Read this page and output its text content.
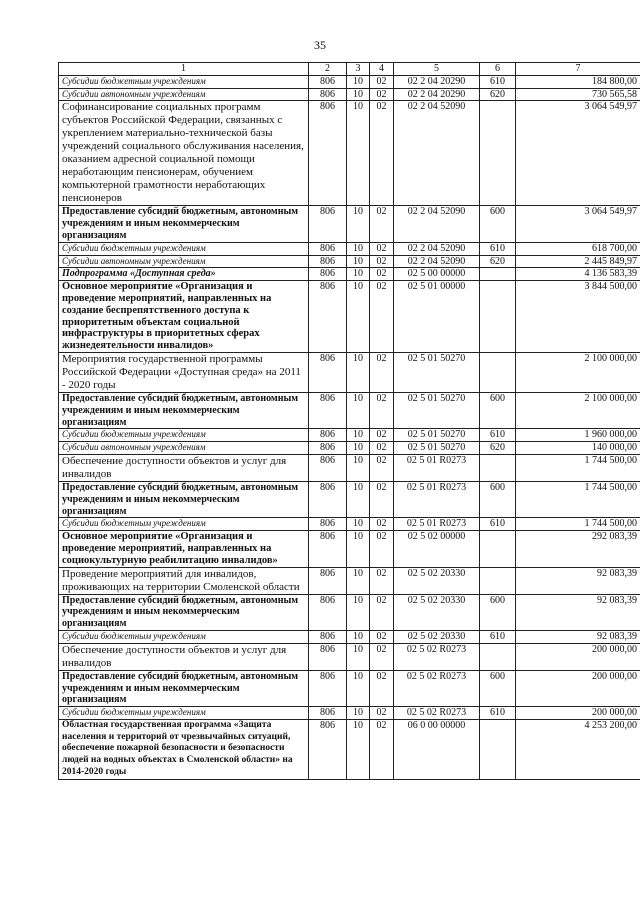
35
1	2	3	4	5	6	7
Субсидии бюджетным учреждениям	806	10	02	02 2 04 20290	610	184 800,00
Субсидии автономным учреждениям	806	10	02	02 2 04 20290	620	730 565,58
Софинансирование социальных программ субъектов Российской Федерации, связанных с укреплением материально-технической базы учреждений социального обслуживания населения, оказанием адресной социальной помощи неработающим пенсионерам, обучением компьютерной грамотности неработающих пенсионеров	806	10	02	02 2 04 52090		3 064 549,97
Предоставление субсидий бюджетным, автономным учреждениям и иным некоммерческим организациям	806	10	02	02 2 04 52090	600	3 064 549,97
Субсидии бюджетным учреждениям	806	10	02	02 2 04 52090	610	618 700,00
Субсидии автономным учреждениям	806	10	02	02 2 04 52090	620	2 445 849,97
Подпрограмма «Доступная среда»	806	10	02	02 5 00 00000		4 136 583,39
Основное мероприятие «Организация и проведение мероприятий, направленных на создание беспрепятственного доступа к приоритетным объектам социальной инфраструктуры в приоритетных сферах жизнедеятельности инвалидов»	806	10	02	02 5 01 00000		3 844 500,00
Мероприятия государственной программы Российской Федерации «Доступная среда» на 2011 - 2020 годы	806	10	02	02 5 01 50270		2 100 000,00
Предоставление субсидий бюджетным, автономным учреждениям и иным некоммерческим организациям	806	10	02	02 5 01 50270	600	2 100 000,00
Субсидии бюджетным учреждениям	806	10	02	02 5 01 50270	610	1 960 000,00
Субсидии автономным учреждениям	806	10	02	02 5 01 50270	620	140 000,00
Обеспечение доступности объектов и услуг для инвалидов	806	10	02	02 5 01 R0273		1 744 500,00
Предоставление субсидий бюджетным, автономным учреждениям и иным некоммерческим организациям	806	10	02	02 5 01 R0273	600	1 744 500,00
Субсидии бюджетным учреждениям	806	10	02	02 5 01 R0273	610	1 744 500,00
Основное мероприятие «Организация и проведение мероприятий, направленных на социокультурную реабилитацию инвалидов»	806	10	02	02 5 02 00000		292 083,39
Проведение мероприятий для инвалидов, проживающих на территории Смоленской области	806	10	02	02 5 02 20330		92 083,39
Предоставление субсидий бюджетным, автономным учреждениям и иным некоммерческим организациям	806	10	02	02 5 02 20330	600	92 083,39
Субсидии бюджетным учреждениям	806	10	02	02 5 02 20330	610	92 083,39
Обеспечение доступности объектов и услуг для инвалидов	806	10	02	02 5 02 R0273		200 000,00
Предоставление субсидий бюджетным, автономным учреждениям и иным некоммерческим организациям	806	10	02	02 5 02 R0273	600	200 000,00
Субсидии бюджетным учреждениям	806	10	02	02 5 02 R0273	610	200 000,00
Областная государственная программа «Защита населения и территорий от чрезвычайных ситуаций, обеспечение пожарной безопасности и безопасности людей на водных объектах в Смоленской области» на 2014-2020 годы	806	10	02	06 0 00 00000		4 253 200,00
